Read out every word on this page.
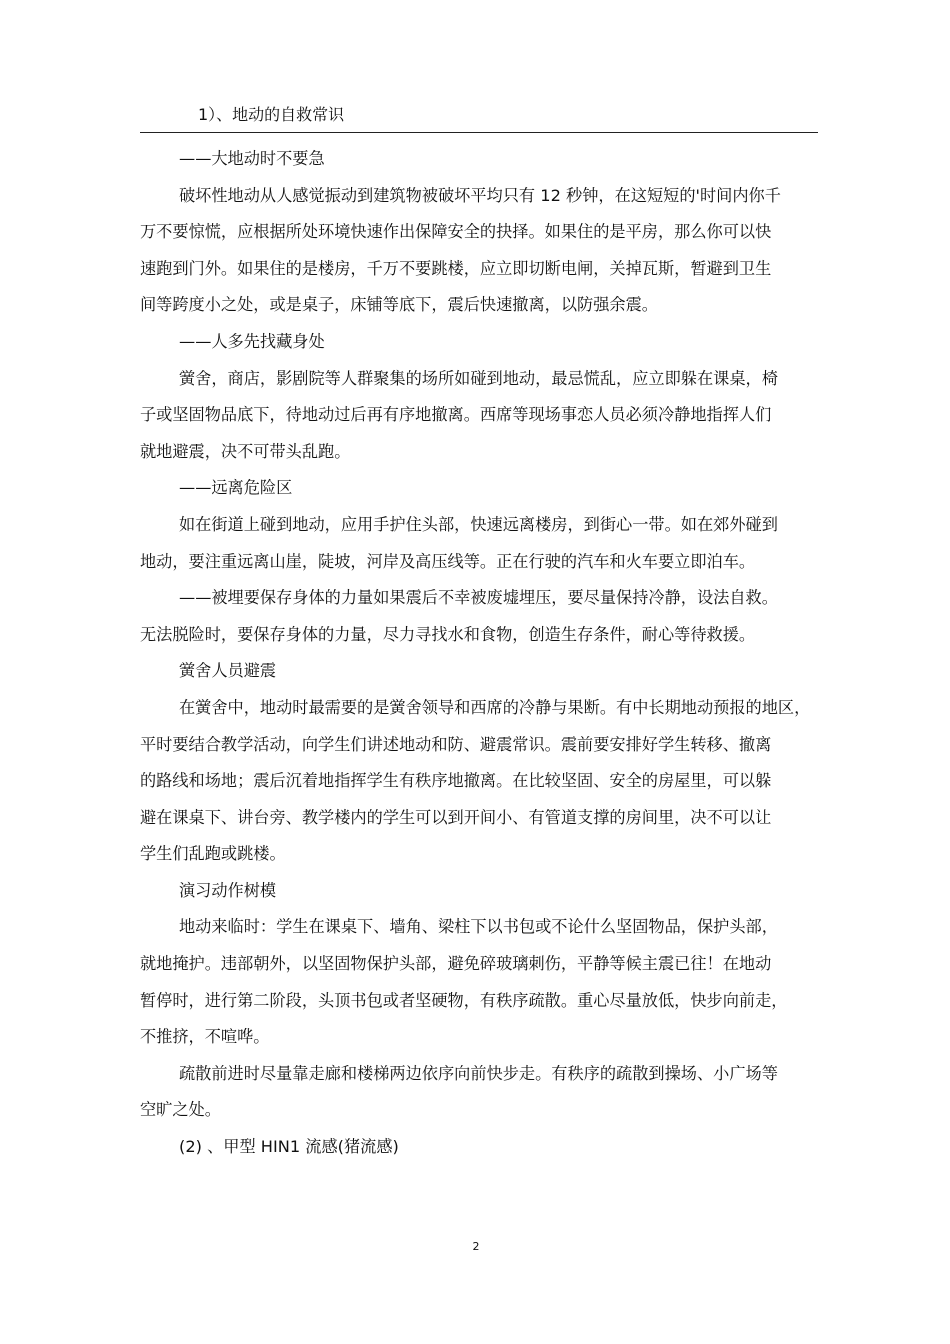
1）、地动的自救常识
——大地动时不要急
破坏性地动从人感觉振动到建筑物被破坏平均只有 12 秒钟，在这短短的'时间内你千
万不要惊慌，应根据所处环境快速作出保障安全的抉择。如果住的是平房，那么你可以快
速跑到门外。如果住的是楼房，千万不要跳楼，应立即切断电闸，关掉瓦斯，暂避到卫生
间等跨度小之处，或是桌子，床铺等底下，震后快速撤离，以防强余震。
——人多先找藏身处
黉舍，商店，影剧院等人群聚集的场所如碰到地动，最忌慌乱，应立即躲在课桌，椅
子或坚固物品底下，待地动过后再有序地撤离。西席等现场事恋人员必须冷静地指挥人们
就地避震，决不可带头乱跑。
——远离危险区
如在街道上碰到地动，应用手护住头部，快速远离楼房，到街心一带。如在郊外碰到
地动，要注重远离山崖，陡坡，河岸及高压线等。正在行驶的汽车和火车要立即泊车。
——被埋要保存身体的力量如果震后不幸被废墟埋压，要尽量保持冷静，设法自救。
无法脱险时，要保存身体的力量，尽力寻找水和食物，创造生存条件，耐心等待救援。
黉舍人员避震
在黉舍中，地动时最需要的是黉舍领导和西席的冷静与果断。有中长期地动预报的地区，
平时要结合教学活动，向学生们讲述地动和防、避震常识。震前要安排好学生转移、撤离
的路线和场地；震后沉着地指挥学生有秩序地撤离。在比较坚固、安全的房屋里，可以躲
避在课桌下、讲台旁、教学楼内的学生可以到开间小、有管道支撑的房间里，决不可以让
学生们乱跑或跳楼。
演习动作树模
地动来临时：学生在课桌下、墙角、梁柱下以书包或不论什么坚固物品，保护头部，
就地掩护。违部朝外，以坚固物保护头部，避免碎玻璃刺伤，平静等候主震已往！在地动
暂停时，进行第二阶段，头顶书包或者坚硬物，有秩序疏散。重心尽量放低，快步向前走，
不推挤，不喧哗。
疏散前进时尽量靠走廊和楼梯两边依序向前快步走。有秩序的疏散到操场、小广场等
空旷之处。
(2) 、甲型 HIN1 流感(猪流感)
2
